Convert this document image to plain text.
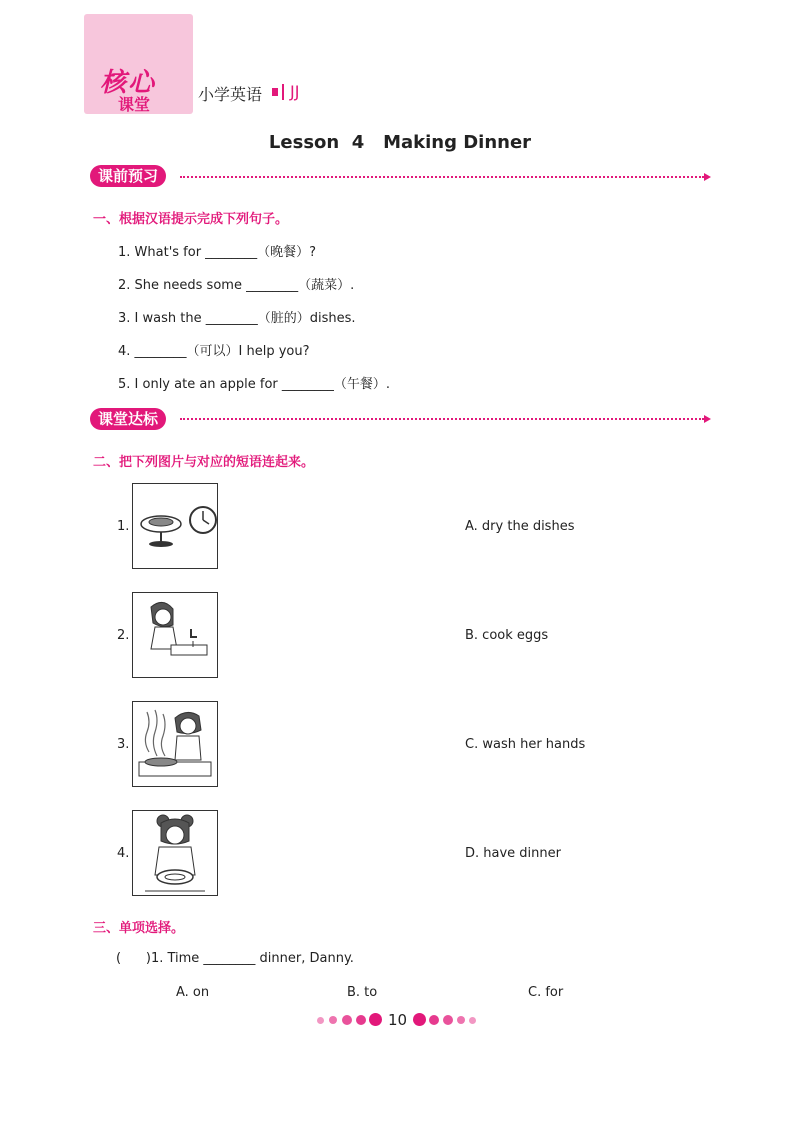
核心
课堂
小学英语 JJ
Lesson  4   Making Dinner
课前预习
一、根据汉语提示完成下列句子。
1. What's for ________（晚餐）?
2. She needs some ________（蔬菜）.
3. I wash the ________（脏的）dishes.
4. ________（可以）I help you?
5. I only ate an apple for ________（午餐）.
课堂达标
二、把下列图片与对应的短语连起来。
1.	A. dry the dishes
2.	B. cook eggs
3.	C. wash her hands
4.	D. have dinner
三、单项选择。
(      )1. Time ________ dinner, Danny.
A. on	B. to	C. for
10
